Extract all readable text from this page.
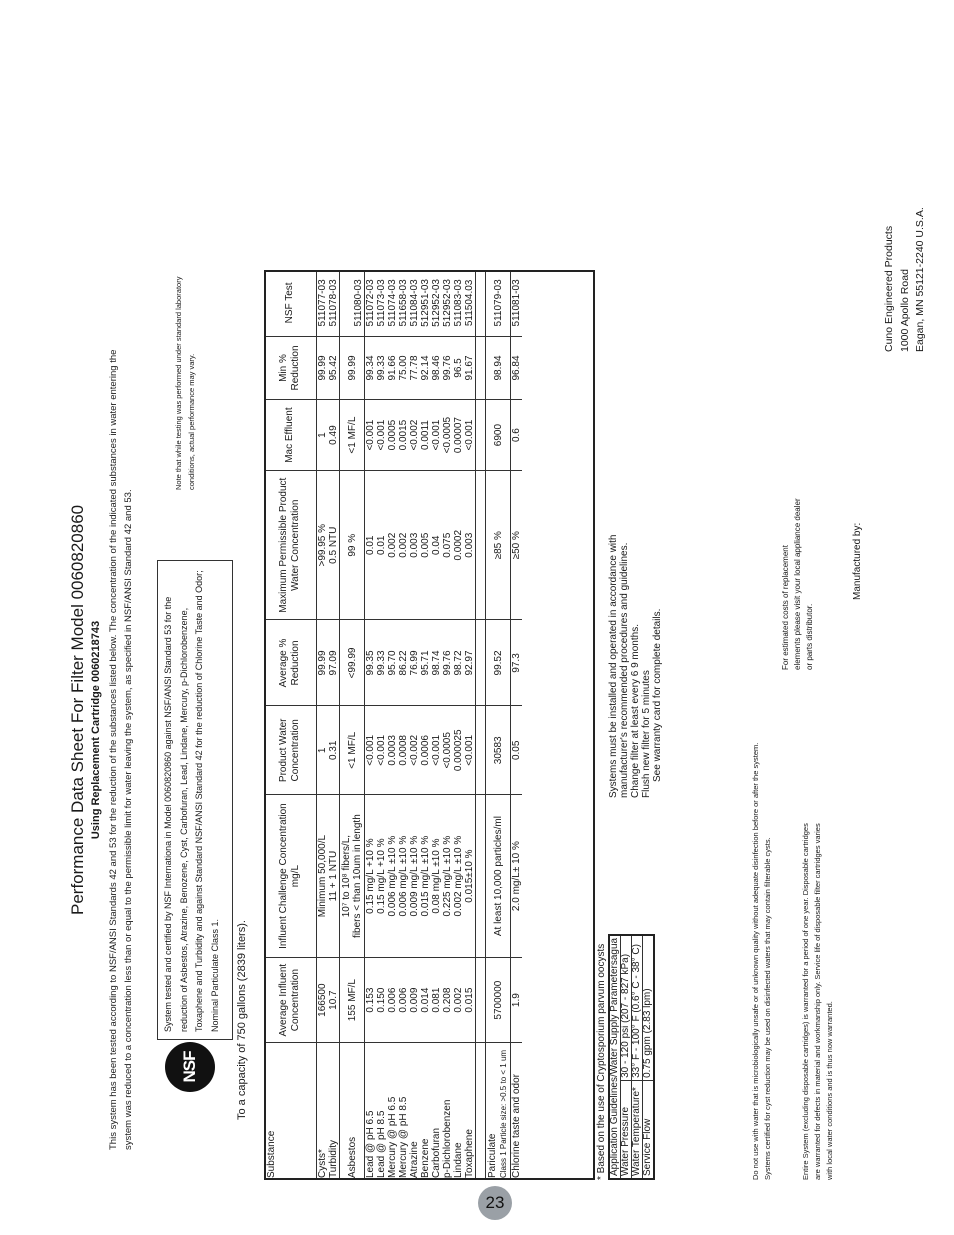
Performance Data Sheet For Filter Model 0060820860 Using Replacement Cartridge 0060218743 This system has been tested according to NSF/ANSI Standards 42 and 53 for the reduction of the substances listed below. The concentration of the indicated substances in water entering the system was reduced to a concentration less than or equal to the permissible limit for water leaving the system, as specified in NSF/ANSI Standard 42 and 53.	NSF
System tested and certified by NSF Internationa in Model 0060820860 against NSF/ANSI Standard 53 for the reduction of Asbestos, Atrazine, Benozene, Cyst, Carbofuran, Lead, Lindane, Mercury, p-Dichlorobenzene, Toxaphene and Turbidity and against Standard NSF/ANSI Standard 42 for the reduction of Chlorine Taste and Odor; Nominal Particulate Class 1.
Note that while testing was performed under standard laboratory conditions, actual performance may vary.
To a capacity of 750 gallons (2839 liters).
Substance	Average Influent Concentration	Influent Challenge Concentration mg/L	Product Water Concentration	Average % Reduction	Maximum Permissible Product Water Concentration	Mac Effluent	Min % Reduction	NSF Test
Cysts*	166500	Minimum 50,000/L	1	99.99	>99.95 %	1	99.99	511077-03
Turbidity	10.7	11 + 1 NTU	0.31	97.09	0.5 NTU	0.49	95.42	511078-03
Asbestos	155 MF/L	10⁷ to 10⁸ fibers/L, fibers < than 10um in length	<1 MF/L	<99.99	99 %	<1 MF/L	99.99	511080-03
Lead @ pH 6.5	0.153	0.15 mg/L +10 %	<0.001	99.35	0.01	<0.001	99.34	511072-03
Lead @ pH 8.5	0.150	0.15 mg/L +10 %	<0.001	99.33	0.01	<0.001	99.33	511073-03
Mercury @ pH 6.5	0.006	0.006 mg/L ±10 %	0.0003	95.70	0.002	0.0005	91.66	511074-03
Mercury @ pH 8.5	0.006	0.006 mg/L ±10 %	0.0008	86.22	0.002	0.0015	75.00	511658-03
Atrazine	0.009	0.009 mg/L ±10 %	<0.002	76.99	0.003	<0.002	77.78	511084-03
Benzene	0.014	0.015 mg/L ±10 %	0.0006	95.71	0.005	0.0011	92.14	512951-03
Carbofuran	0.081	0.08 mg/L ±10 %	<0.001	98.74	0.04	<0.001	98.46	512952-03
p-Dichlorobenzen	0.208	0.225 mg/L ±10 %	<0.0005	99.76	0.075	<0.0005	99.76	512952-03
Lindane	0.002	0.002 mg/L ±10 %	0.000025	98.72	0.0002	0.00007	96.5	511083-03
Toxaphene	0.015	0.015±10 %	<0.001	92.97	0.003	<0.001	91.67	511504.03

Pariculate Class 1 Particle size: >0.5 to < 1 um	5700000	At least 10,000 particles/ml	30583	99.52	≥85 %	6900	98.94	511079-03
Chlorine taste and odor	1.9	2.0 mg/L± 10 %	0.05	97.3	≥50 %	0.6	96.84	511081-03
* Based on the use of Cryptosporium parvum oocysts Application Guidelines/Water Supply Parametersagua	
Water Pressure	30 - 120 psi (207 - 827 kPa)
Water Temperature*	33° F - 100° F (0.6° C - 38° C)
Service Flow	0.75 gpm (2.83 lpm)
Systems must be installed and operated in accordance with manufacturer's recommended procedures and guidelines. Change filter at least every 6 9 months. Flush new filter for 5 minutes See warranty card for complete details.
Do not use with water that is microbiologically unsafe or of unknown quality without adequate disinfection before or after the system. Systems certified for cyst reduction may be used on disinfected waters that may contain filterable cysts.	Entire System (excluding disposable cartridges) is warranted for a period of one year. Disposable cartridges are warranted for defects in material and workmanship only. Service life of disposable filter cartridges varies with local water conditions and is thus now warranted.
For estimated costs of replacement elements please visit your local appliance dealer or parts distributor.
Manufactured by:
Cuno Engineered Products 1000 Apollo Road Eagan, MN 55121-2240 U.S.A.
23
